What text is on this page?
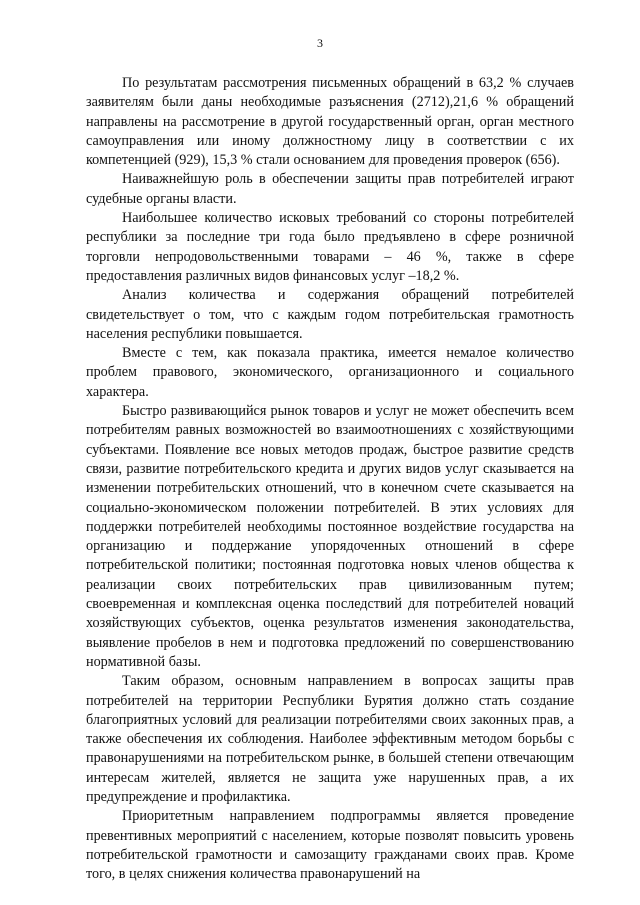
3

По результатам рассмотрения письменных обращений в 63,2 % случаев заявителям были даны необходимые разъяснения (2712),21,6 % обращений направлены на рассмотрение в другой государственный орган, орган местного самоуправления или иному должностному лицу в соответствии с их компетенцией (929), 15,3 % стали основанием для проведения проверок (656).

Наиважнейшую роль в обеспечении защиты прав потребителей играют судебные органы власти.

Наибольшее количество исковых требований со стороны потребителей республики за последние три года было предъявлено в сфере розничной торговли непродовольственными товарами – 46 %, также в сфере предоставления различных видов финансовых услуг –18,2 %.

Анализ количества и содержания обращений потребителей свидетельствует о том, что с каждым годом потребительская грамотность населения республики повышается.

Вместе с тем, как показала практика, имеется немалое количество проблем правового, экономического, организационного и социального характера.

Быстро развивающийся рынок товаров и услуг не может обеспечить всем потребителям равных возможностей во взаимоотношениях с хозяйствующими субъектами. Появление все новых методов продаж, быстрое развитие средств связи, развитие потребительского кредита и других видов услуг сказывается на изменении потребительских отношений, что в конечном счете сказывается на социально-экономическом положении потребителей. В этих условиях для поддержки потребителей необходимы постоянное воздействие государства на организацию и поддержание упорядоченных отношений в сфере потребительской политики; постоянная подготовка новых членов общества к реализации своих потребительских прав цивилизованным путем; своевременная и комплексная оценка последствий для потребителей новаций хозяйствующих субъектов, оценка результатов изменения законодательства, выявление пробелов в нем и подготовка предложений по совершенствованию нормативной базы.

Таким образом, основным направлением в вопросах защиты прав потребителей на территории Республики Бурятия должно стать создание благоприятных условий для реализации потребителями своих законных прав, а также обеспечения их соблюдения. Наиболее эффективным методом борьбы с правонарушениями на потребительском рынке, в большей степени отвечающим интересам жителей, является не защита уже нарушенных прав, а их предупреждение и профилактика.

Приоритетным направлением подпрограммы является проведение превентивных мероприятий с населением, которые позволят повысить уровень потребительской грамотности и самозащиту гражданами своих прав. Кроме того, в целях снижения количества правонарушений на
